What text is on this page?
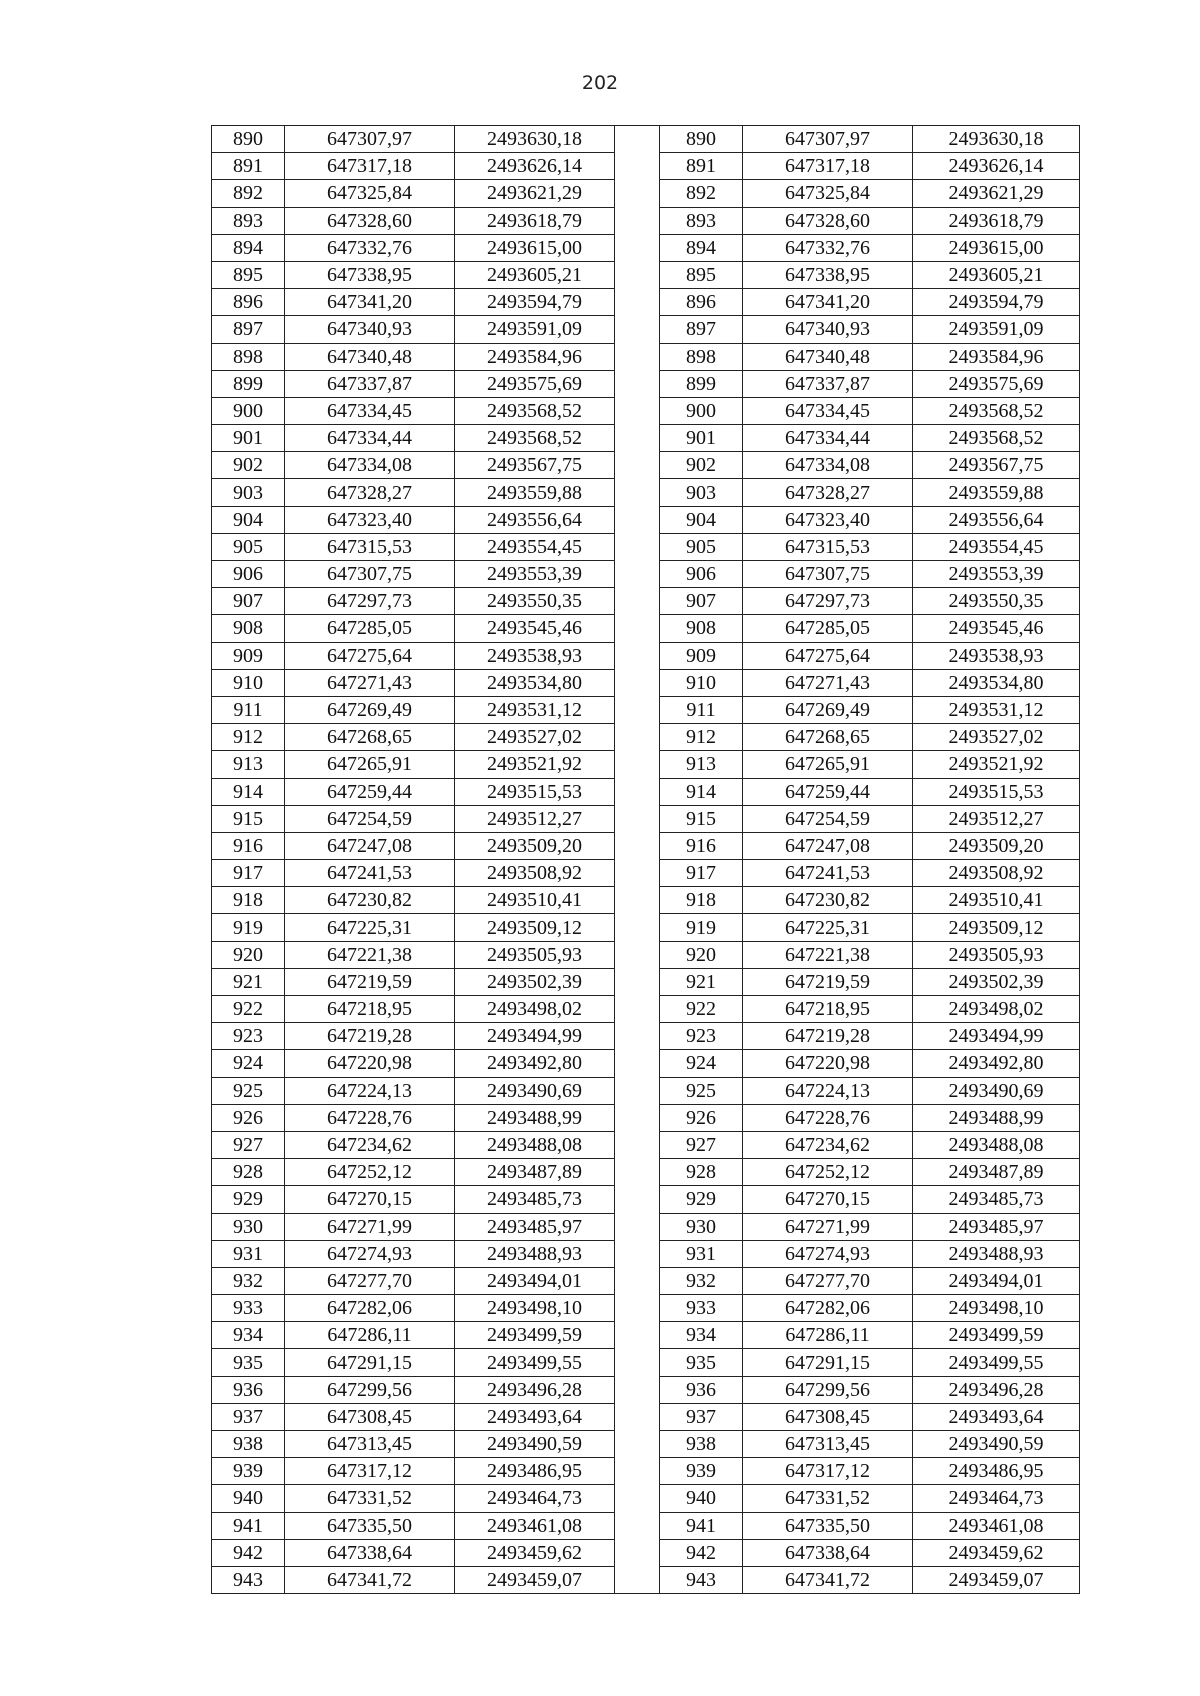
202
890	647307,97	2493630,18		890	647307,97	2493630,18
891	647317,18	2493626,14		891	647317,18	2493626,14
892	647325,84	2493621,29		892	647325,84	2493621,29
893	647328,60	2493618,79		893	647328,60	2493618,79
894	647332,76	2493615,00		894	647332,76	2493615,00
895	647338,95	2493605,21		895	647338,95	2493605,21
896	647341,20	2493594,79		896	647341,20	2493594,79
897	647340,93	2493591,09		897	647340,93	2493591,09
898	647340,48	2493584,96		898	647340,48	2493584,96
899	647337,87	2493575,69		899	647337,87	2493575,69
900	647334,45	2493568,52		900	647334,45	2493568,52
901	647334,44	2493568,52		901	647334,44	2493568,52
902	647334,08	2493567,75		902	647334,08	2493567,75
903	647328,27	2493559,88		903	647328,27	2493559,88
904	647323,40	2493556,64		904	647323,40	2493556,64
905	647315,53	2493554,45		905	647315,53	2493554,45
906	647307,75	2493553,39		906	647307,75	2493553,39
907	647297,73	2493550,35		907	647297,73	2493550,35
908	647285,05	2493545,46		908	647285,05	2493545,46
909	647275,64	2493538,93		909	647275,64	2493538,93
910	647271,43	2493534,80		910	647271,43	2493534,80
911	647269,49	2493531,12		911	647269,49	2493531,12
912	647268,65	2493527,02		912	647268,65	2493527,02
913	647265,91	2493521,92		913	647265,91	2493521,92
914	647259,44	2493515,53		914	647259,44	2493515,53
915	647254,59	2493512,27		915	647254,59	2493512,27
916	647247,08	2493509,20		916	647247,08	2493509,20
917	647241,53	2493508,92		917	647241,53	2493508,92
918	647230,82	2493510,41		918	647230,82	2493510,41
919	647225,31	2493509,12		919	647225,31	2493509,12
920	647221,38	2493505,93		920	647221,38	2493505,93
921	647219,59	2493502,39		921	647219,59	2493502,39
922	647218,95	2493498,02		922	647218,95	2493498,02
923	647219,28	2493494,99		923	647219,28	2493494,99
924	647220,98	2493492,80		924	647220,98	2493492,80
925	647224,13	2493490,69		925	647224,13	2493490,69
926	647228,76	2493488,99		926	647228,76	2493488,99
927	647234,62	2493488,08		927	647234,62	2493488,08
928	647252,12	2493487,89		928	647252,12	2493487,89
929	647270,15	2493485,73		929	647270,15	2493485,73
930	647271,99	2493485,97		930	647271,99	2493485,97
931	647274,93	2493488,93		931	647274,93	2493488,93
932	647277,70	2493494,01		932	647277,70	2493494,01
933	647282,06	2493498,10		933	647282,06	2493498,10
934	647286,11	2493499,59		934	647286,11	2493499,59
935	647291,15	2493499,55		935	647291,15	2493499,55
936	647299,56	2493496,28		936	647299,56	2493496,28
937	647308,45	2493493,64		937	647308,45	2493493,64
938	647313,45	2493490,59		938	647313,45	2493490,59
939	647317,12	2493486,95		939	647317,12	2493486,95
940	647331,52	2493464,73		940	647331,52	2493464,73
941	647335,50	2493461,08		941	647335,50	2493461,08
942	647338,64	2493459,62		942	647338,64	2493459,62
943	647341,72	2493459,07		943	647341,72	2493459,07
